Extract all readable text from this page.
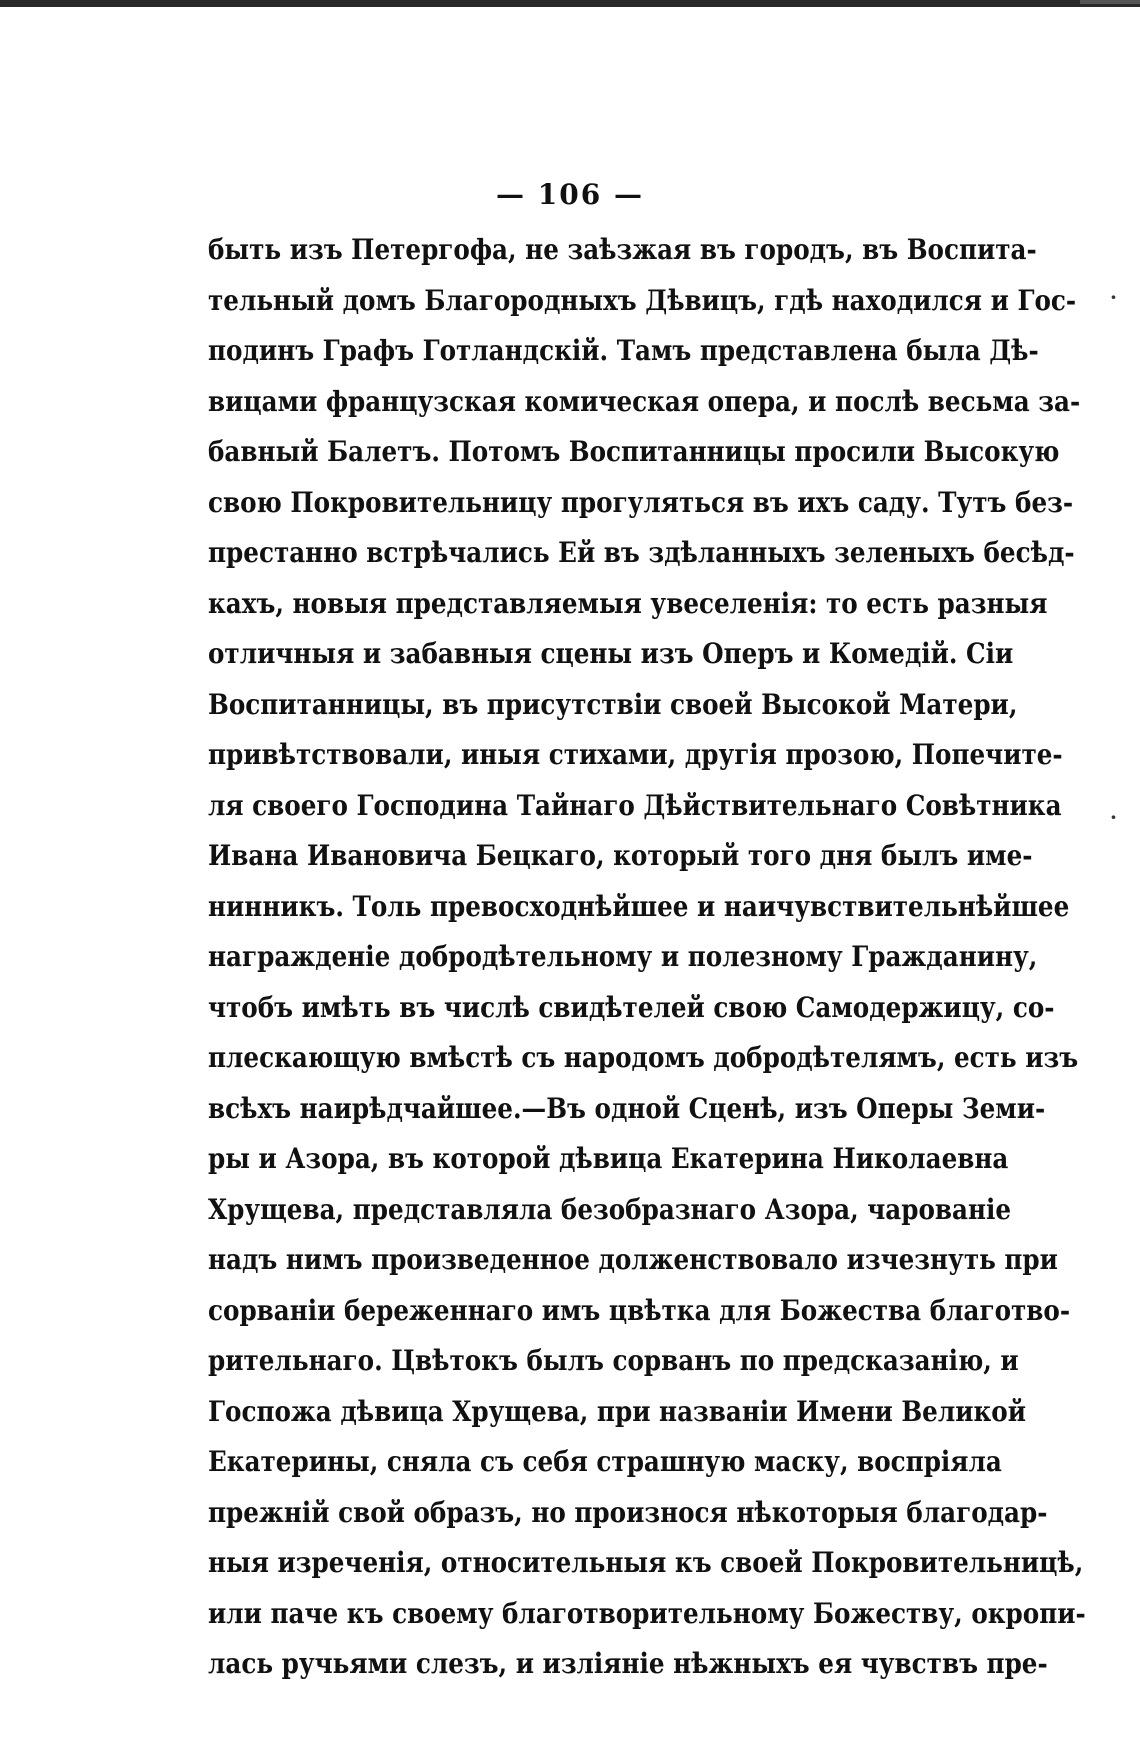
— 106 —
быть изъ Петергофа, не заѣзжая въ городъ, въ Воспита-
тельный домъ Благородныхъ Дѣвицъ, гдѣ находился и Гос-
подинъ Графъ Готландскій. Тамъ представлена была Дѣ-
вицами французская комическая опера, и послѣ весьма за-
бавный Балетъ. Потомъ Воспитанницы просили Высокую
свою Покровительницу прогуляться въ ихъ саду. Тутъ без-
престанно встрѣчались Ей въ здѣланныхъ зеленыхъ бесѣд-
кахъ, новыя представляемыя увеселенія: то есть разныя
отличныя и забавныя сцены изъ Оперъ и Комедій. Сіи
Воспитанницы, въ присутствіи своей Высокой Матери,
привѣтствовали, иныя стихами, другія прозою, Попечите-
ля своего Господина Тайнаго Дѣйствительнаго Совѣтника
Ивана Ивановича Бецкаго, который того дня былъ име-
нинникъ. Толь превосходнѣйшее и наичувствительнѣйшее
награжденіе добродѣтельному и полезному Гражданину,
чтобъ имѣть въ числѣ свидѣтелей свою Самодержицу, со-
плескающую вмѣстѣ съ народомъ добродѣтелямъ, есть изъ
всѣхъ наирѣдчайшее.—Въ одной Сценѣ, изъ Оперы Земи-
ры и Азора, въ которой дѣвица Екатерина Николаевна
Хрущева, представляла безобразнаго Азора, чарованіе
надъ нимъ произведенное долженствовало изчезнуть при
сорваніи береженнаго имъ цвѣтка для Божества благотво-
рительнаго. Цвѣтокъ былъ сорванъ по предсказанію, и
Госпожа дѣвица Хрущева, при названіи Имени Великой
Екатерины, сняла съ себя страшную маску, воспріяла
прежній свой образъ, но произнося нѣкоторыя благодар-
ныя изреченія, относительныя къ своей Покровительницѣ,
или паче къ своему благотворительному Божеству, окропи-
лась ручьями слезъ, и изліяніе нѣжныхъ ея чувствъ пре-
·
·
